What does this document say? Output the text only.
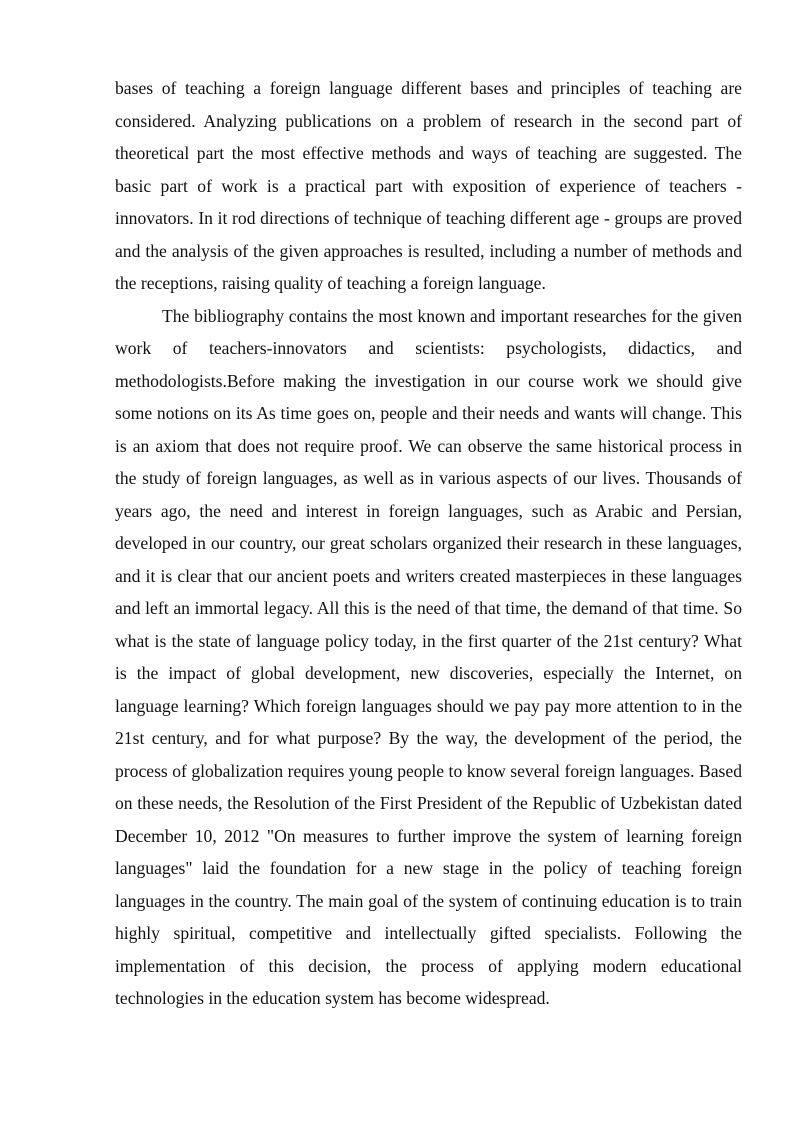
bases of teaching a foreign language different bases and principles of teaching are considered. Analyzing publications on a problem of research in the second part of theoretical part the most effective methods and ways of teaching are suggested. The basic part of work is a practical part with exposition of experience of teachers - innovators. In it rod directions of technique of teaching different age - groups are proved and the analysis of the given approaches is resulted, including a number of methods and the receptions, raising quality of teaching a foreign language.

The bibliography contains the most known and important researches for the given work of teachers-innovators and scientists: psychologists, didactics, and methodologists.Before making the investigation in our course work we should give some notions on its As time goes on, people and their needs and wants will change. This is an axiom that does not require proof. We can observe the same historical process in the study of foreign languages, as well as in various aspects of our lives. Thousands of years ago, the need and interest in foreign languages, such as Arabic and Persian, developed in our country, our great scholars organized their research in these languages, and it is clear that our ancient poets and writers created masterpieces in these languages and left an immortal legacy. All this is the need of that time, the demand of that time. So what is the state of language policy today, in the first quarter of the 21st century? What is the impact of global development, new discoveries, especially the Internet, on language learning? Which foreign languages should we pay pay more attention to in the 21st century, and for what purpose? By the way, the development of the period, the process of globalization requires young people to know several foreign languages. Based on these needs, the Resolution of the First President of the Republic of Uzbekistan dated December 10, 2012 "On measures to further improve the system of learning foreign languages" laid the foundation for a new stage in the policy of teaching foreign languages in the country. The main goal of the system of continuing education is to train highly spiritual, competitive and intellectually gifted specialists. Following the implementation of this decision, the process of applying modern educational technologies in the education system has become widespread.
